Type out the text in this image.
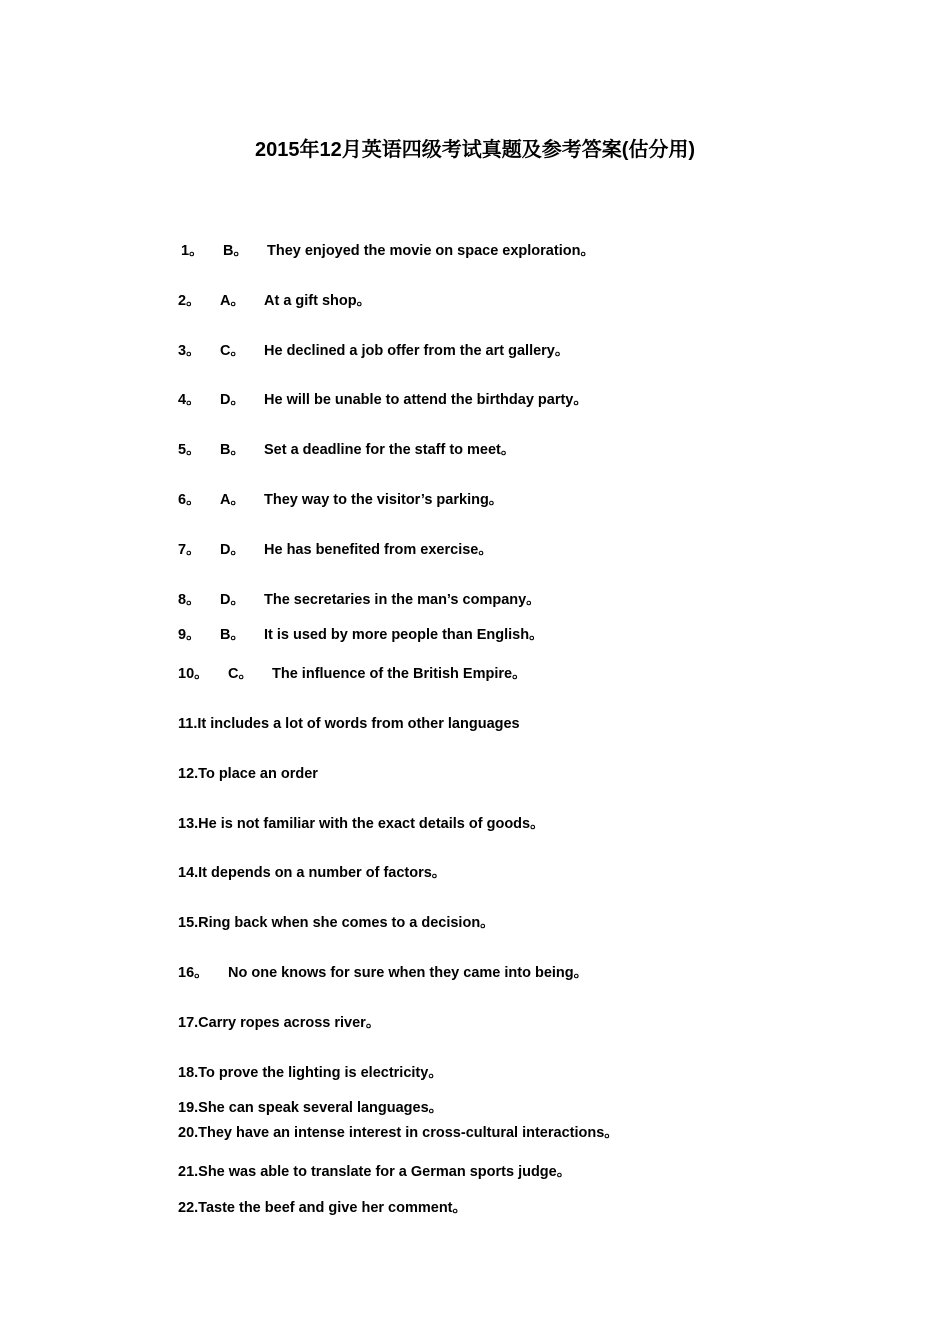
2015年12月英语四级考试真题及参考答案(估分用)
1。 B。 They enjoyed the movie on space exploration。
2。 A。 At a gift shop。
3。 C。 He declined a job offer from the art gallery。
4。 D。 He will be unable to attend the birthday party。
5。 B。 Set a deadline for the staff to meet。
6。 A。 They way to the visitor’s parking。
7。 D。 He has benefited from exercise。
8。 D。 The secretaries in the man’s company。
9。 B。 It is used by more people than English。
10。 C。 The influence of the British Empire。
11.It includes a lot of words from other languages
12.To place an order
13.He is not familiar with the exact details of goods。
14.It depends on a number of factors。
15.Ring back when she comes to a decision。
16。 No one knows for sure when they came into being。
17.Carry ropes across river。
18.To prove the lighting is electricity。
19.She can speak several languages。
20.They have an intense interest in cross-cultural interactions。
21.She was able to translate for a German sports judge。
22.Taste the beef and give her comment。
